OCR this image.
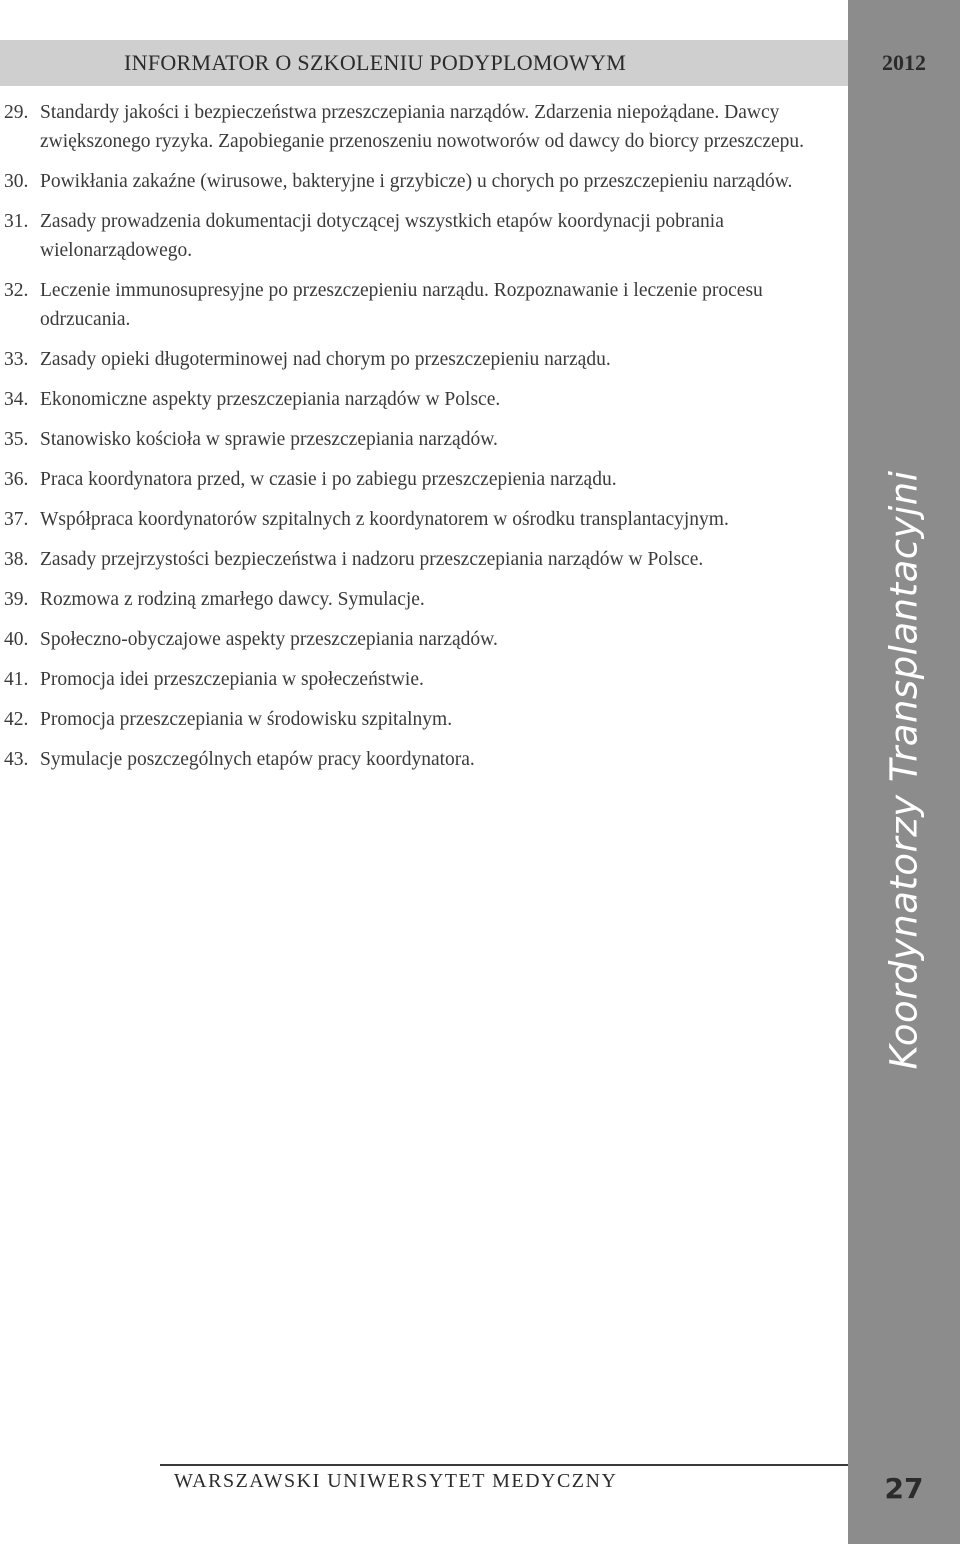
INFORMATOR O SZKOLENIU PODYPLOMOWYM	2012
Koordynatorzy Transplantacyjni
27
29. Standardy jakości i bezpieczeństwa przeszczepiania narządów. Zdarzenia niepożądane. Dawcy zwiększonego ryzyka. Zapobieganie przenoszeniu nowotworów od dawcy do biorcy przeszczepu.
30. Powikłania zakaźne (wirusowe, bakteryjne i grzybicze) u chorych po przeszczepieniu narządów.
31. Zasady prowadzenia dokumentacji dotyczącej wszystkich etapów koordynacji pobrania wielonarządowego.
32. Leczenie immunosupresyjne po przeszczepieniu narządu. Rozpoznawanie i leczenie procesu odrzucania.
33. Zasady opieki długoterminowej nad chorym po przeszczepieniu narządu.
34. Ekonomiczne aspekty przeszczepiania narządów w Polsce.
35. Stanowisko kościoła w sprawie przeszczepiania narządów.
36. Praca koordynatora przed, w czasie i po zabiegu przeszczepienia narządu.
37. Współpraca koordynatorów szpitalnych z koordynatorem w ośrodku transplantacyjnym.
38. Zasady przejrzystości bezpieczeństwa i nadzoru przeszczepiania narządów w Polsce.
39. Rozmowa z rodziną zmarłego dawcy. Symulacje.
40. Społeczno-obyczajowe aspekty przeszczepiania narządów.
41. Promocja idei przeszczepiania w społeczeństwie.
42. Promocja przeszczepiania w środowisku szpitalnym.
43. Symulacje poszczególnych etapów pracy koordynatora.
WARSZAWSKI UNIWERSYTET MEDYCZNY
